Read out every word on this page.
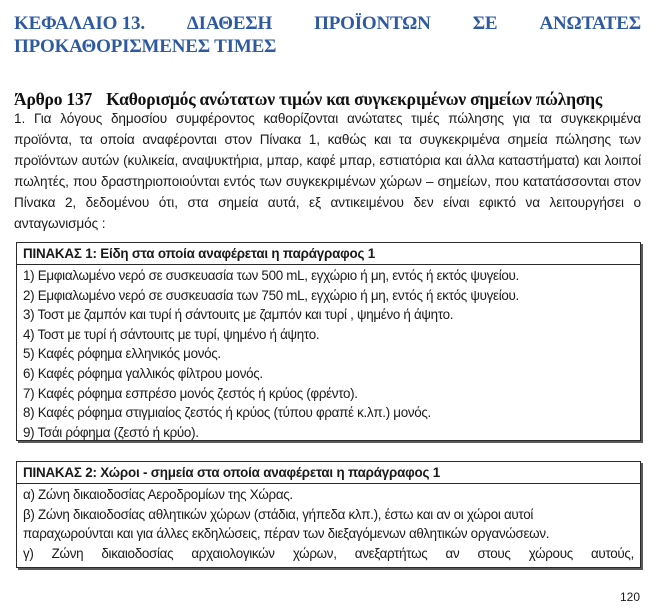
ΚΕΦΑΛΑΙΟ 13. ΔΙΑΘΕΣΗ ΠΡΟΪΟΝΤΩΝ ΣΕ ΑΝΩΤΑΤΕΣ
ΠΡΟΚΑΘΟΡΙΣΜΕΝΕΣ ΤΙΜΕΣ
Άρθρο 137 Καθορισμός ανώτατων τιμών και συγκεκριμένων σημείων πώλησης
1. Για λόγους δημοσίου συμφέροντος καθορίζονται ανώτατες τιμές πώλησης για τα συγκεκριμένα προϊόντα, τα οποία αναφέρονται στον Πίνακα 1, καθώς και τα συγκεκριμένα σημεία πώλησης των προϊόντων αυτών (κυλικεία, αναψυκτήρια, μπαρ, καφέ μπαρ, εστιατόρια και άλλα καταστήματα) και λοιποί πωλητές, που δραστηριοποιούνται εντός των συγκεκριμένων χώρων – σημείων, που κατατάσσονται στον Πίνακα 2, δεδομένου ότι, στα σημεία αυτά, εξ αντικειμένου δεν είναι εφικτό να λειτουργήσει ο ανταγωνισμός :
ΠΙΝΑΚΑΣ 1: Είδη στα οποία αναφέρεται η παράγραφος 1
1) Εμφιαλωμένο νερό σε συσκευασία των 500 mL, εγχώριο ή μη, εντός ή εκτός ψυγείου.
2) Εμφιαλωμένο νερό σε συσκευασία των 750 mL, εγχώριο ή μη, εντός ή εκτός ψυγείου.
3) Τοστ με ζαμπόν και τυρί ή σάντουιτς με ζαμπόν και τυρί , ψημένο ή άψητο.
4) Τοστ με τυρί ή σάντουιτς με τυρί, ψημένο ή άψητο.
5) Καφές ρόφημα ελληνικός μονός.
6) Καφές ρόφημα γαλλικός φίλτρου μονός.
7) Καφές ρόφημα εσπρέσο μονός ζεστός ή κρύος (φρέντο).
8) Καφές ρόφημα στιγμιαίος ζεστός ή κρύος (τύπου φραπέ κ.λπ.) μονός.
9) Τσάι ρόφημα (ζεστό ή κρύο).
ΠΙΝΑΚΑΣ 2: Χώροι - σημεία στα οποία αναφέρεται η παράγραφος 1
α) Ζώνη δικαιοδοσίας Αεροδρομίων της Χώρας.
β) Ζώνη δικαιοδοσίας αθλητικών χώρων (στάδια, γήπεδα κλπ.), έστω και αν οι χώροι αυτοί
παραχωρούνται και για άλλες εκδηλώσεις, πέραν των διεξαγόμενων αθλητικών οργανώσεων.
γ) Ζώνη δικαιοδοσίας αρχαιολογικών χώρων, ανεξαρτήτως αν στους χώρους αυτούς,
120
